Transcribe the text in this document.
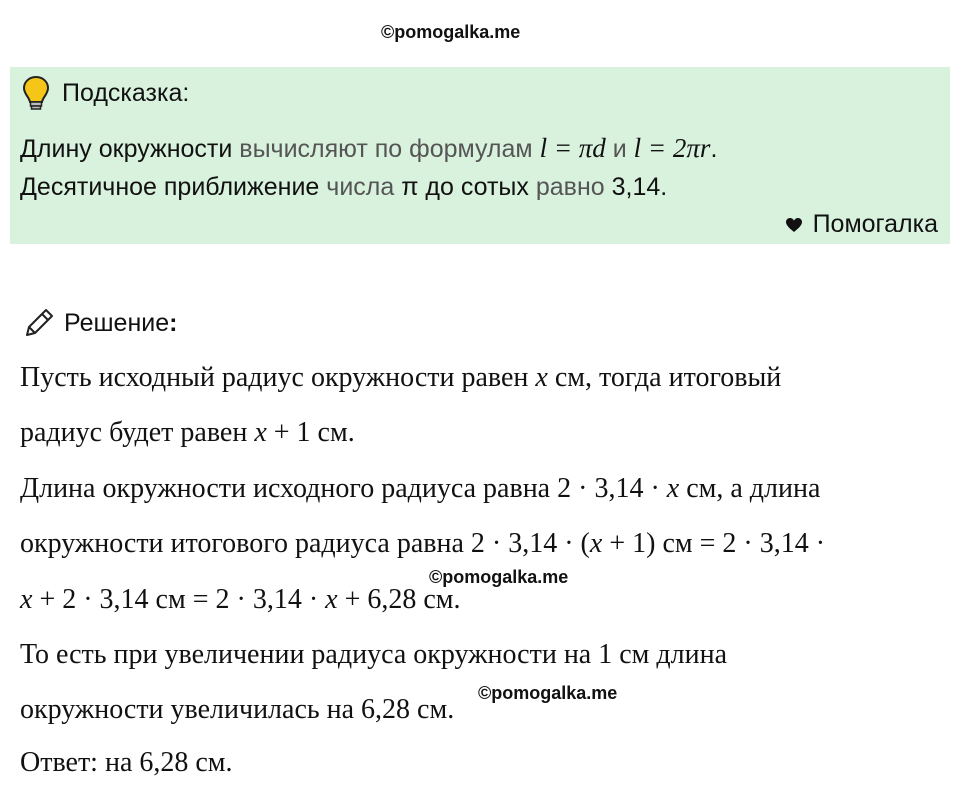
©pomogalka.me
Подсказка:
Длину окружности вычисляют по формулам l = πd и l = 2πr.
Десятичное приближение числа π до сотых равно 3,14.
Помогалка
Решение :
Пусть исходный радиус окружности равен x см, тогда итоговый
радиус будет равен x + 1 см.
Длина окружности исходного радиуса равна 2 · 3,14 · x см, а длина
окружности итогового радиуса равна 2 · 3,14 · (x + 1) см = 2 · 3,14 ·
x + 2 · 3,14 см = 2 · 3,14 · x + 6,28 см.
То есть при увеличении радиуса окружности на 1 см длина
окружности увеличилась на 6,28 см.
Ответ: на 6,28 см.
©pomogalka.me
©pomogalka.me
